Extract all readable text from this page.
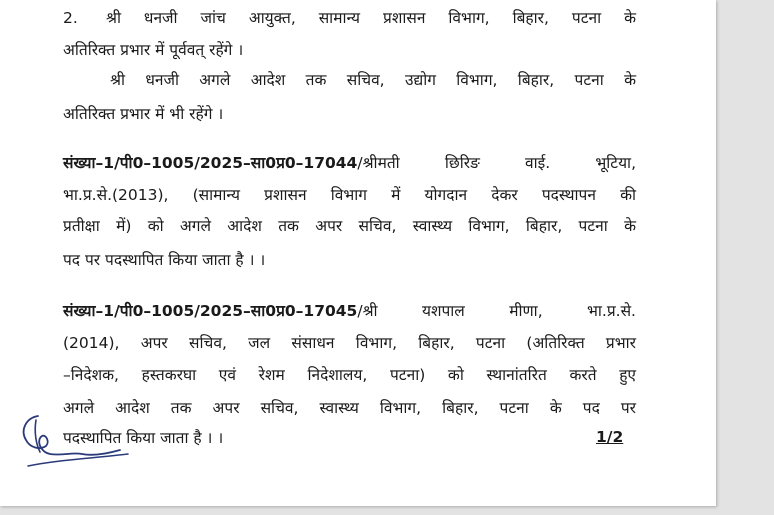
2. श्री धनजी जांच आयुक्त, सामान्य प्रशासन विभाग, बिहार, पटना के
अतिरिक्त प्रभार में पूर्ववत् रहेंगे ।
श्री धनजी अगले आदेश तक सचिव, उद्योग विभाग, बिहार, पटना के
अतिरिक्त प्रभार में भी रहेंगे ।
संख्या–1/पी0–1005/2025–सा0प्र0–17044/श्रीमती छिरिङ वाई. भूटिया,
भा.प्र.से.(2013), (सामान्य प्रशासन विभाग में योगदान देकर पदस्थापन की
प्रतीक्षा में) को अगले आदेश तक अपर सचिव, स्वास्थ्य विभाग, बिहार, पटना के
पद पर पदस्थापित किया जाता है । ।
संख्या–1/पी0–1005/2025–सा0प्र0–17045/श्री यशपाल मीणा, भा.प्र.से.
(2014), अपर सचिव, जल संसाधन विभाग, बिहार, पटना (अतिरिक्त प्रभार
–निदेशक, हस्तकरघा एवं रेशम निदेशालय, पटना) को स्थानांतरित करते हुए
अगले आदेश तक अपर सचिव, स्वास्थ्य विभाग, बिहार, पटना के पद पर
पदस्थापित किया जाता है । ।	1/2
